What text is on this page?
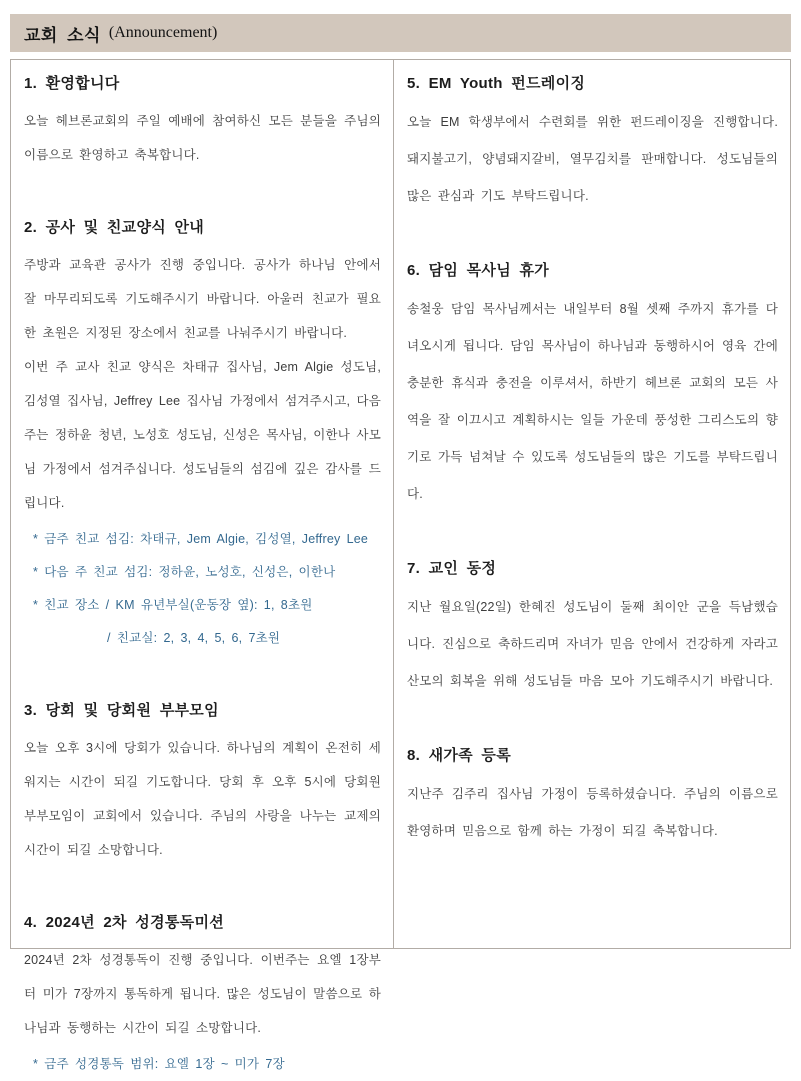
교회 소식 (Announcement)
1. 환영합니다

오늘 헤브론교회의 주일 예배에 참여하신 모든 분들을 주님의 이름으로 환영하고 축복합니다.

2. 공사 및 친교양식 안내

주방과 교육관 공사가 진행 중입니다. 공사가 하나님 안에서 잘 마무리되도록 기도해주시기 바랍니다. 아울러 친교가 필요한 초원은 지정된 장소에서 친교를 나눠주시기 바랍니다.

이번 주 교사 친교 양식은 차태규 집사님, Jem Algie 성도님, 김성열 집사님, Jeffrey Lee 집사님 가정에서 섬겨주시고, 다음 주는 정하윤 청년, 노성호 성도님, 신성은 목사님, 이한나 사모님 가정에서 섬겨주십니다. 성도님들의 섬김에 깊은 감사를 드립니다.

* 금주 친교 섬김: 차태규, Jem Algie, 김성열, Jeffrey Lee

* 다음 주 친교 섬김: 정하윤, 노성호, 신성은, 이한나

* 친교 장소 / KM 유년부실(운동장 옆): 1, 8초원

/ 친교실: 2, 3, 4, 5, 6, 7초원

3. 당회 및 당회원 부부모임

오늘 오후 3시에 당회가 있습니다. 하나님의 계획이 온전히 세워지는 시간이 되길 기도합니다. 당회 후 오후 5시에 당회원 부부모임이 교회에서 있습니다. 주님의 사랑을 나누는 교제의 시간이 되길 소망합니다.

4. 2024년 2차 성경통독미션

2024년 2차 성경통독이 진행 중입니다. 이번주는 요엘 1장부터 미가 7장까지 통독하게 됩니다. 많은 성도님이 말씀으로 하나님과 동행하는 시간이 되길 소망합니다.

* 금주 성경통독 범위: 요엘 1장 ~ 미가 7장

5. EM Youth 펀드레이징

오늘 EM 학생부에서 수련회를 위한 펀드레이징을 진행합니다. 돼지불고기, 양념돼지갈비, 열무김치를 판매합니다. 성도님들의 많은 관심과 기도 부탁드립니다.

6. 담임 목사님 휴가

송철웅 담임 목사님께서는 내일부터 8월 셋째 주까지 휴가를 다녀오시게 됩니다. 담임 목사님이 하나님과 동행하시어 영육 간에 충분한 휴식과 충전을 이루셔서, 하반기 헤브론 교회의 모든 사역을 잘 이끄시고 계획하시는 일들 가운데 풍성한 그리스도의 향기로 가득 넘쳐날 수 있도록 성도님들의 많은 기도를 부탁드립니다.

7. 교인 동정

지난 월요일(22일) 한혜진 성도님이 둘째 최이안 군을 득남했습니다. 진심으로 축하드리며 자녀가 믿음 안에서 건강하게 자라고 산모의 회복을 위해 성도님들 마음 모아 기도해주시기 바랍니다.

8. 새가족 등록

지난주 김주리 집사님 가정이 등록하셨습니다. 주님의 이름으로 환영하며 믿음으로 함께 하는 가정이 되길 축복합니다.
